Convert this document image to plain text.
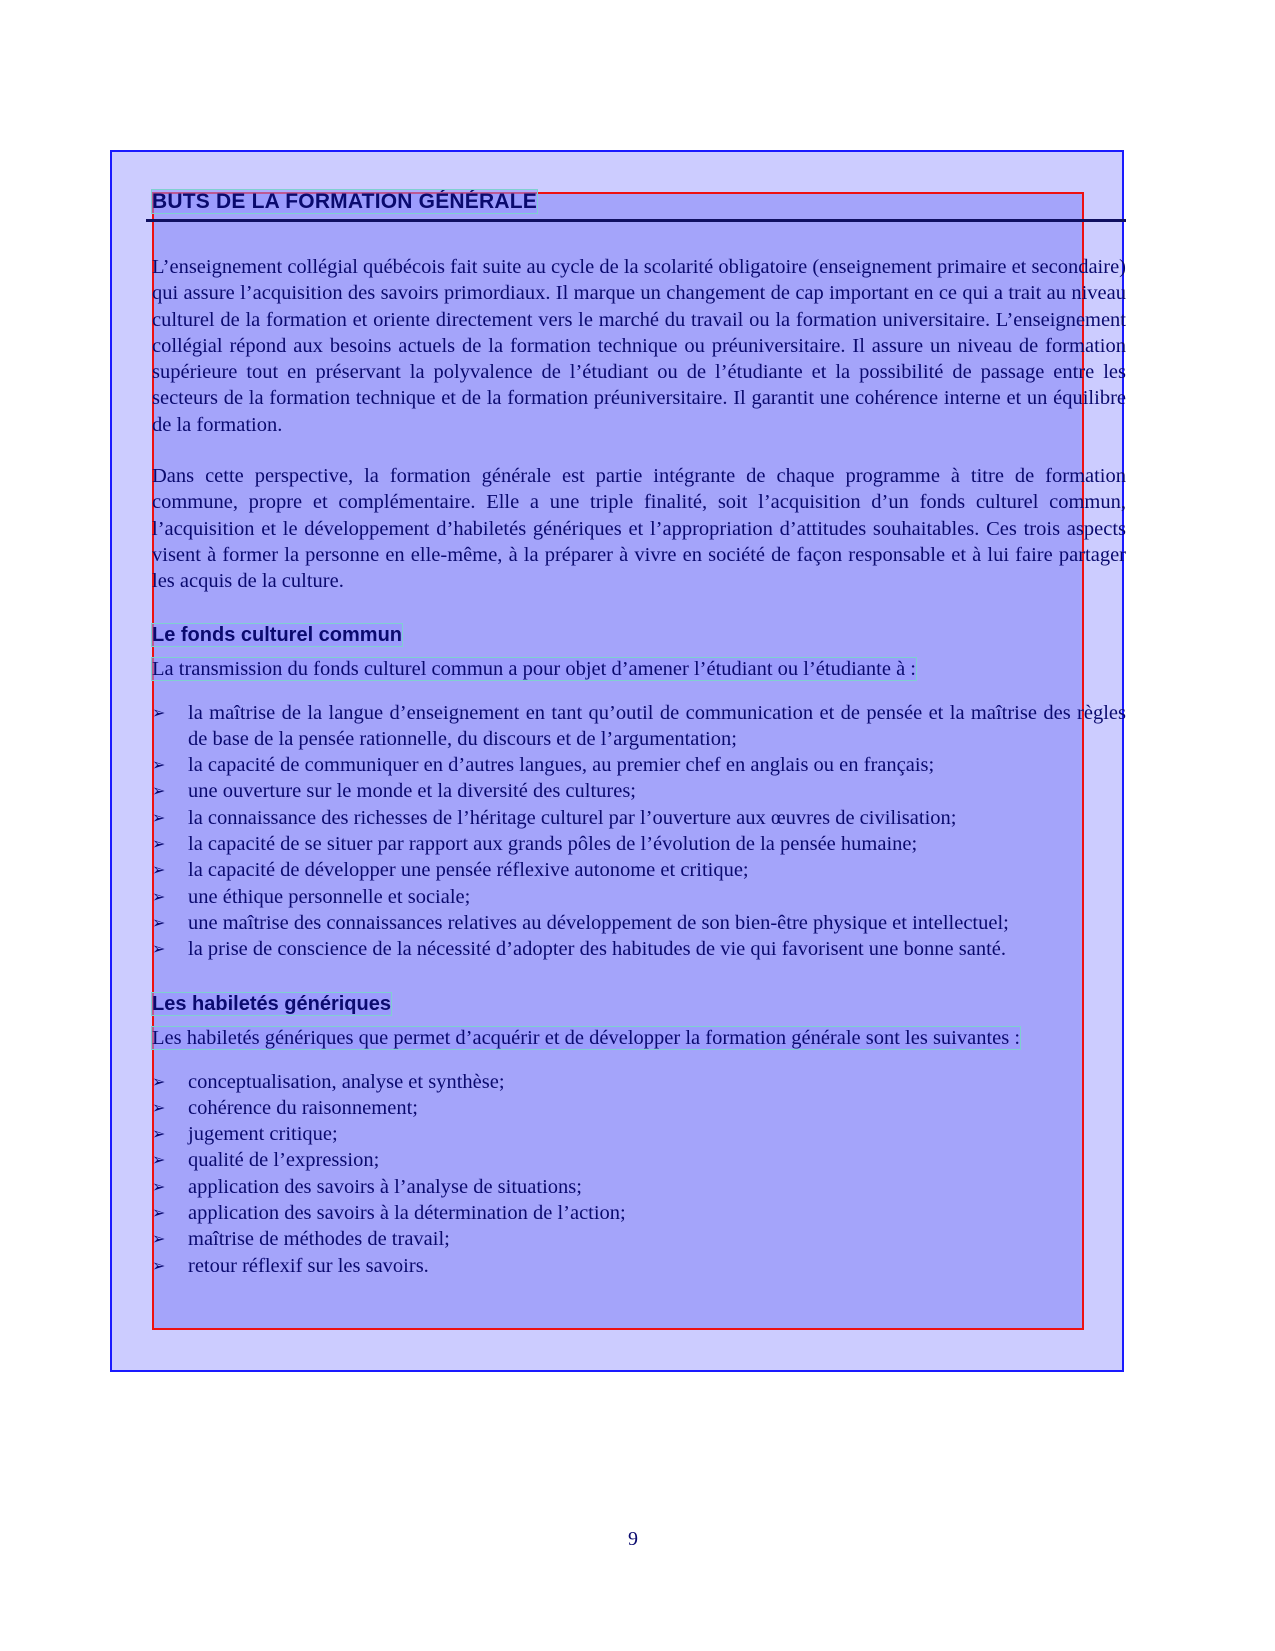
BUTS DE LA FORMATION GÉNÉRALE

L’enseignement collégial québécois fait suite au cycle de la scolarité obligatoire (enseignement primaire et secondaire) qui assure l’acquisition des savoirs primordiaux. Il marque un changement de cap important en ce qui a trait au niveau culturel de la formation et oriente directement vers le marché du travail ou la formation universitaire. L’enseignement collégial répond aux besoins actuels de la formation technique ou préuniversitaire. Il assure un niveau de formation supérieure tout en préservant la polyvalence de l’étudiant ou de l’étudiante et la possibilité de passage entre les secteurs de la formation technique et de la formation préuniversitaire. Il garantit une cohérence interne et un équilibre de la formation.

Dans cette perspective, la formation générale est partie intégrante de chaque programme à titre de formation commune, propre et complémentaire. Elle a une triple finalité, soit l’acquisition d’un fonds culturel commun, l’acquisition et le développement d’habiletés génériques et l’appropriation d’attitudes souhaitables. Ces trois aspects visent à former la personne en elle-même, à la préparer à vivre en société de façon responsable et à lui faire partager les acquis de la culture.

Le fonds culturel commun

La transmission du fonds culturel commun a pour objet d’amener l’étudiant ou l’étudiante à :

➢	la maîtrise de la langue d’enseignement en tant qu’outil de communication et de pensée et la maîtrise des règles de base de la pensée rationnelle, du discours et de l’argumentation;
➢	la capacité de communiquer en d’autres langues, au premier chef en anglais ou en français;
➢	une ouverture sur le monde et la diversité des cultures;
➢	la connaissance des richesses de l’héritage culturel par l’ouverture aux œuvres de civilisation;
➢	la capacité de se situer par rapport aux grands pôles de l’évolution de la pensée humaine;
➢	la capacité de développer une pensée réflexive autonome et critique;
➢	une éthique personnelle et sociale;
➢	une maîtrise des connaissances relatives au développement de son bien-être physique et intellectuel;
➢	la prise de conscience de la nécessité d’adopter des habitudes de vie qui favorisent une bonne santé.
Les habiletés génériques

Les habiletés génériques que permet d’acquérir et de développer la formation générale sont les suivantes :

➢	conceptualisation, analyse et synthèse;
➢	cohérence du raisonnement;
➢	jugement critique;
➢	qualité de l’expression;
➢	application des savoirs à l’analyse de situations;
➢	application des savoirs à la détermination de l’action;
➢	maîtrise de méthodes de travail;
➢	retour réflexif sur les savoirs.
9
